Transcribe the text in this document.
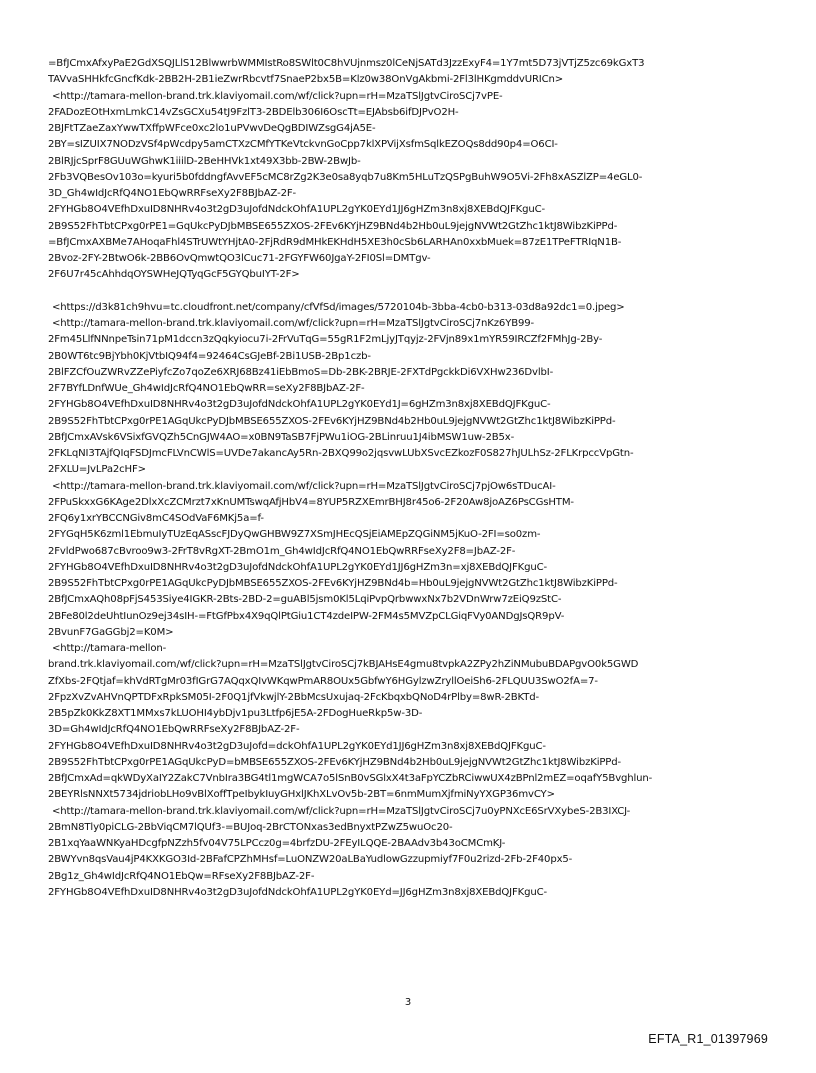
=BfJCmxAfxyPaE2GdXSQJLlS12BlwwrbWMMIstRo8SWlt0C8hVUjnmsz0lCeNjSATd3JzzExyF4=1Y7mt5D73jVTjZ5zc69kGxT3
TAVvaSHHkfcGncfKdk-2BB2H-2B1ieZwrRbcvtf7SnaeP2bx5B=Klz0w38OnVgAkbmi-2Fl3lHKgmddvURICn>
<http://tamara-mellon-brand.trk.klaviyomail.com/wf/click?upn=rH=MzaTSlJgtvCiroSCj7vPE-
2FADozEOtHxmLmkC14vZsGCXu54tJ9FzlT3-2BDElb306I6OscTt=EJAbsb6ifDJPvO2H-
2BJFtTZaeZaxYwwTXffpWFce0xc2lo1uPVwvDeQgBDIWZsgG4jA5E-
2BY=sIZUIX7NODzVSf4pWcdpy5amCTXzCMfYTKeVtckvnGoCpp7klXPVijXsfmSqlkEZOQs8dd90p4=O6CI-
2BlRJjcSprF8GUuWGhwK1iiilD-2BeHHVk1xt49X3bb-2BW-2BwJb-
2Fb3VQBesOv103o=kyuri5b0fddngfAvvEF5cMC8rZg2K3e0sa8yqb7u8Km5HLuTzQSPgBuhW9O5Vi-2Fh8xASZlZP=4eGL0-
3D_Gh4wIdJcRfQ4NO1EbQwRRFseXy2F8BJbAZ-2F-
2FYHGb8O4VEfhDxuID8NHRv4o3t2gD3uJofdNdckOhfA1UPL2gYK0EYd1JJ6gHZm3n8xj8XEBdQJFKguC-
2B9S52FhTbtCPxg0rPE1=GqUkcPyDJbMBSE655ZXOS-2FEv6KYjHZ9BNd4b2Hb0uL9jejgNVWt2GtZhc1ktJ8WibzKiPPd-
=BfJCmxAXBMe7AHoqaFhl4STrUWtYHjtA0-2FjRdR9dMHkEKHdH5XE3h0cSb6LARHAn0xxbMuek=87zE1TPeFTRIqN1B-
2Bvoz-2FY-2BtwO6k-2BB6OvQmwtQO3lCuc71-2FGYFW60JgaY-2FI0Sl=DMTgv-
2F6U7r45cAhhdqOYSWHeJQTyqGcF5GYQbuIYT-2F>
<https://d3k81ch9hvu=tc.cloudfront.net/company/cfVfSd/images/5720104b-3bba-4cb0-b313-03d8a92dc1=0.jpeg>
<http://tamara-mellon-brand.trk.klaviyomail.com/wf/click?upn=rH=MzaTSlJgtvCiroSCj7nKz6YB99-
2Fm45LlfNNnpeTsin71pM1dccn3zQqkyiocu7i-2FrVuTqG=55gR1F2mLjyJTqyjz-2FVjn89x1mYR59IRCZf2FMhJg-2By-
2B0WT6tc9BjYbh0KjVtbIQ94f4=92464CsGJeBf-2Bi1USB-2Bp1czb-
2BlFZCfOuZWRvZZePiyfcZo7qoZe6XRJ68Bz41iEbBmoS=Db-2BK-2BRJE-2FXTdPgckkDi6VXHw236DvlbI-
2F7BYfLDnfWUe_Gh4wIdJcRfQ4NO1EbQwRR=seXy2F8BJbAZ-2F-
2FYHGb8O4VEfhDxuID8NHRv4o3t2gD3uJofdNdckOhfA1UPL2gYK0EYd1J=6gHZm3n8xj8XEBdQJFKguC-
2B9S52FhTbtCPxg0rPE1AGqUkcPyDJbMBSE655ZXOS-2FEv6KYjHZ9BNd4b2Hb0uL9jejgNVWt2GtZhc1ktJ8WibzKiPPd-
2BfJCmxAVsk6VSixfGVQZh5CnGJW4AO=x0BN9TaSB7FjPWu1iOG-2BLinruu1J4ibMSW1uw-2B5x-
2FKLqNI3TAjfQIqFSDJmcFLVnCWlS=UVDe7akancAy5Rn-2BXQ99o2jqsvwLUbXSvcEZkozF0S827hJULhSz-2FLKrpccVpGtn-
2FXLU=JvLPa2cHF>
<http://tamara-mellon-brand.trk.klaviyomail.com/wf/click?upn=rH=MzaTSlJgtvCiroSCj7pjOw6sTDucAI-
2FPuSkxxG6KAge2DlxXcZCMrzt7xKnUMTswqAfjHbV4=8YUP5RZXEmrBHJ8r45o6-2F20Aw8joAZ6PsCGsHTM-
2FQ6y1xrYBCCNGiv8mC4SOdVaF6MKj5a=f-
2FYGqH5K6zml1EbmuIyTUzEqASscFJDyQwGHBW9Z7XSmJHEcQSjEiAMEpZQGiNM5jKuO-2FI=so0zm-
2FvldPwo687cBvroo9w3-2FrT8vRgXT-2BmO1m_Gh4wIdJcRfQ4NO1EbQwRRFseXy2F8=JbAZ-2F-
2FYHGb8O4VEfhDxuID8NHRv4o3t2gD3uJofdNdckOhfA1UPL2gYK0EYd1JJ6gHZm3n=xj8XEBdQJFKguC-
2B9S52FhTbtCPxg0rPE1AGqUkcPyDJbMBSE655ZXOS-2FEv6KYjHZ9BNd4b=Hb0uL9jejgNVWt2GtZhc1ktJ8WibzKiPPd-
2BfJCmxAQh08pFjS453Siye4IGKR-2Bts-2BD-2=guABl5jsm0Kl5LqiPvpQrbwwxNx7b2VDnWrw7zEiQ9zStC-
2BFe80l2deUhtIunOz9ej34sIH-=FtGfPbx4X9qQlPtGiu1CT4zdeIPW-2FM4s5MVZpCLGiqFVy0ANDgJsQR9pV-
2BvunF7GaGGbj2=K0M>
<http://tamara-mellon-
brand.trk.klaviyomail.com/wf/click?upn=rH=MzaTSlJgtvCiroSCj7kBJAHsE4gmu8tvpkA2ZPy2hZiNMubuBDAPgvO0k5GWD
ZfXbs-2FQtjaf=khVdRTgMr03fIGrG7AQqxQIvWKqwPmAR8OUx5GbfwY6HGylzwZryllOeiSh6-2FLQUU3SwO2fA=7-
2FpzXvZvAHVnQPTDFxRpkSM05I-2F0Q1jfVkwjlY-2BbMcsUxujaq-2FcKbqxbQNoD4rPlby=8wR-2BKTd-
2B5pZk0KkZ8XT1MMxs7kLUOHI4ybDjv1pu3Ltfp6jE5A-2FDogHueRkp5w-3D-
3D=Gh4wIdJcRfQ4NO1EbQwRRFseXy2F8BJbAZ-2F-
2FYHGb8O4VEfhDxuID8NHRv4o3t2gD3uJofd=dckOhfA1UPL2gYK0EYd1JJ6gHZm3n8xj8XEBdQJFKguC-
2B9S52FhTbtCPxg0rPE1AGqUkcPyD=bMBSE655ZXOS-2FEv6KYjHZ9BNd4b2Hb0uL9jejgNVWt2GtZhc1ktJ8WibzKiPPd-
2BfJCmxAd=qkWDyXaIY2ZakC7VnbIra3BG4tl1mgWCA7o5lSnB0vSGlxX4t3aFpYCZbRCiwwUX4zBPnl2mEZ=oqafY5Bvghlun-
2BEYRlsNNXt5734jdriobLHo9vBlXoffTpeIbykIuyGHxlJKhXLvOv5b-2BT=6nmMumXjfmiNyYXGP36mvCY>
<http://tamara-mellon-brand.trk.klaviyomail.com/wf/click?upn=rH=MzaTSlJgtvCiroSCj7u0yPNXcE6SrVXybeS-2B3IXCJ-
2BmN8Tly0piCLG-2BbViqCM7lQUf3-=BUJoq-2BrCTONxas3edBnyxtPZwZ5wuOc20-
2B1xqYaaWNKyaHDcgfpNZzh5fv04V75LPCcz0g=4brfzDU-2FEyILQQE-2BAAdv3b43oCMCmKJ-
2BWYvn8qsVau4jP4KXKGO3Id-2BFafCPZhMHsf=LuONZW20aLBaYudlowGzzupmiyf7F0u2rizd-2Fb-2F40px5-
2Bg1z_Gh4wIdJcRfQ4NO1EbQw=RFseXy2F8BJbAZ-2F-
2FYHGb8O4VEfhDxuID8NHRv4o3t2gD3uJofdNdckOhfA1UPL2gYK0EYd=JJ6gHZm3n8xj8XEBdQJFKguC-
3
EFTA_R1_01397969
